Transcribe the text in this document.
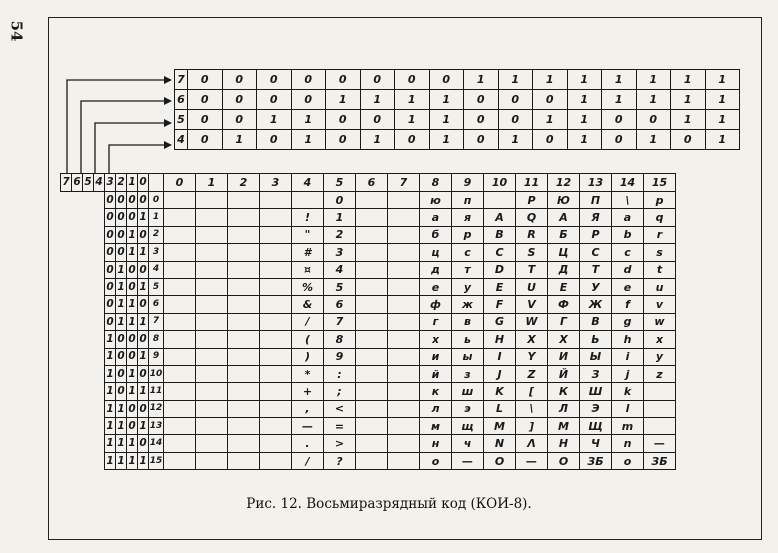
54
7	0	0	0	0	0	0	0	0	1	1	1	1	1	1	1	1
6	0	0	0	0	1	1	1	1	0	0	0	1	1	1	1	1
5	0	0	1	1	0	0	1	1	0	0	1	1	0	0	1	1
4	0	1	0	1	0	1	0	1	0	1	0	1	0	1	0	1
7	6	5	4	3	2	1	0		0	1	2	3	4	5	6	7	8	9	10	11	12	13	14	15
				0	0	0	0	0						0			ю	п		Р	Ю	П	\	р
				0	0	0	1	1					!	1			а	я	А	Q	А	Я	а	q
				0	0	1	0	2					"	2			б	р	В	R	Б	Р	b	r
				0	0	1	1	3					#	3			ц	с	С	S	Ц	С	с	s
				0	1	0	0	4					¤	4			д	т	D	T	Д	Т	d	t
				0	1	0	1	5					%	5			е	у	E	U	Е	У	е	u
				0	1	1	0	6					&	6			ф	ж	F	V	Ф	Ж	f	v
				0	1	1	1	7					/	7			г	в	G	W	Г	В	g	w
				1	0	0	0	8					(	8			х	ь	H	X	Х	Ь	h	x
				1	0	0	1	9					)	9			и	ы	I	Y	И	Ы	i	y
				1	0	1	0	10					*	:			й	з	J	Z	Й	З	j	z
				1	0	1	1	11					+	;			к	ш	K	[	К	Ш	k	
				1	1	0	0	12					,	<			л	э	L	\	Л	Э	l	
				1	1	0	1	13					—	=			м	щ	M	]	М	Щ	m	
				1	1	1	0	14					.	>			н	ч	N	Λ	Н	Ч	n	—
				1	1	1	1	15					/	?			о	—	O	—	О	ЗБ	о	ЗБ
Рис. 12. Восьмиразрядный код (КОИ-8).
